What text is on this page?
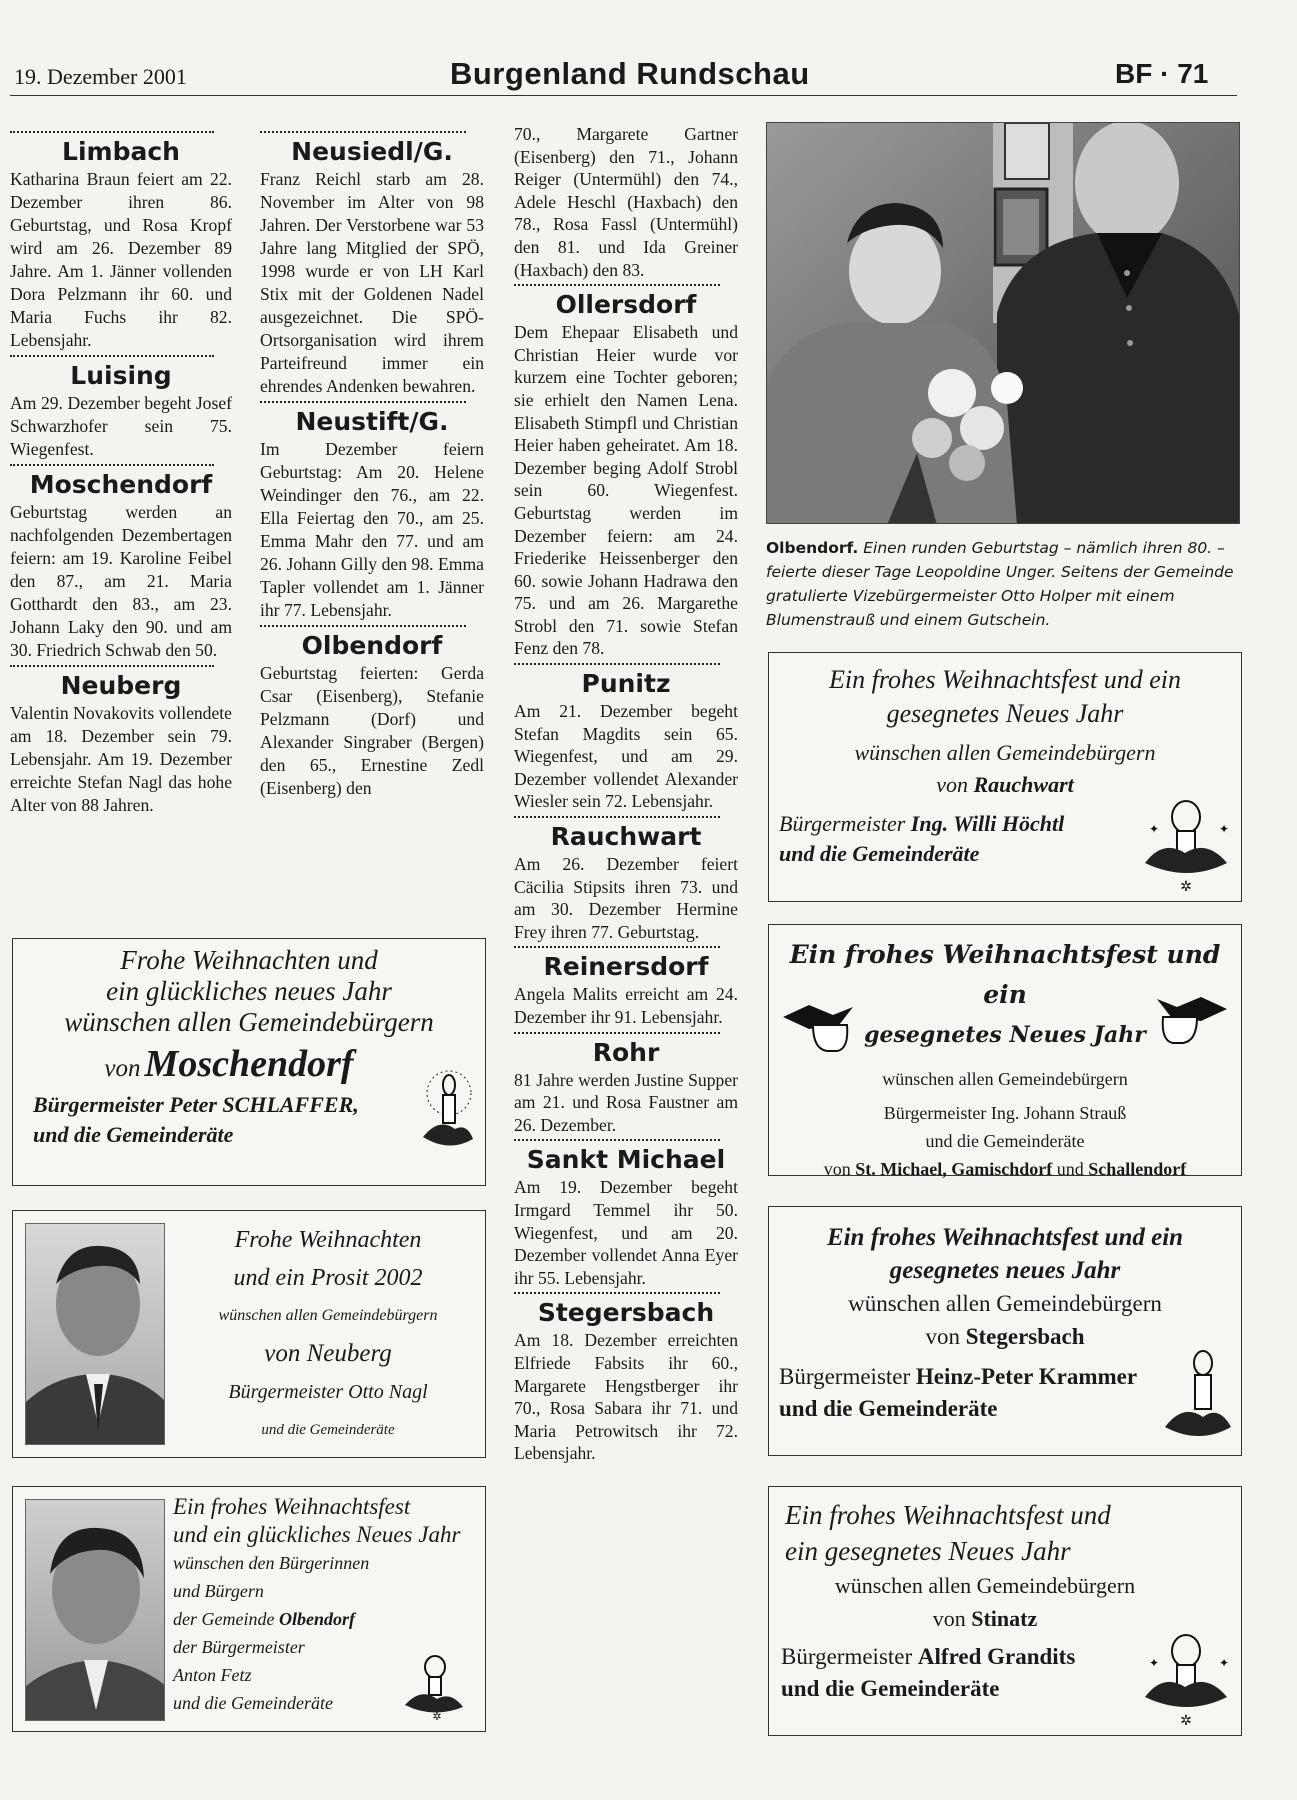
19. Dezember 2001	Burgenland Rundschau	BF · 71
Limbach
Katharina Braun feiert am 22. Dezember ihren 86. Geburtstag, und Rosa Kropf wird am 26. Dezember 89 Jahre. Am 1. Jänner vollenden Dora Pelzmann ihr 60. und Maria Fuchs ihr 82. Lebensjahr.
Luising
Am 29. Dezember begeht Josef Schwarzhofer sein 75. Wiegenfest.
Moschendorf
Geburtstag werden an nachfolgenden Dezembertagen feiern: am 19. Karoline Feibel den 87., am 21. Maria Gotthardt den 83., am 23. Johann Laky den 90. und am 30. Friedrich Schwab den 50.
Neuberg
Valentin Novakovits vollendete am 18. Dezember sein 79. Lebensjahr. Am 19. Dezember erreichte Stefan Nagl das hohe Alter von 88 Jahren.
Neusiedl/G.
Franz Reichl starb am 28. November im Alter von 98 Jahren. Der Verstorbene war 53 Jahre lang Mitglied der SPÖ, 1998 wurde er von LH Karl Stix mit der Goldenen Nadel ausgezeichnet. Die SPÖ-Ortsorganisation wird ihrem Parteifreund immer ein ehrendes Andenken bewahren.
Neustift/G.
Im Dezember feiern Geburtstag: Am 20. Helene Weindinger den 76., am 22. Ella Feiertag den 70., am 25. Emma Mahr den 77. und am 26. Johann Gilly den 98. Emma Tapler vollendet am 1. Jänner ihr 77. Lebensjahr.
Olbendorf
Geburtstag feierten: Gerda Csar (Eisenberg), Stefanie Pelzmann (Dorf) und Alexander Singraber (Bergen) den 65., Ernestine Zedl (Eisenberg) den
70., Margarete Gartner (Eisenberg) den 71., Johann Reiger (Untermühl) den 74., Adele Heschl (Haxbach) den 78., Rosa Fassl (Untermühl) den 81. und Ida Greiner (Haxbach) den 83.
Ollersdorf
Dem Ehepaar Elisabeth und Christian Heier wurde vor kurzem eine Tochter geboren; sie erhielt den Namen Lena. Elisabeth Stimpfl und Christian Heier haben geheiratet. Am 18. Dezember beging Adolf Strobl sein 60. Wiegenfest. Geburtstag werden im Dezember feiern: am 24. Friederike Heissenberger den 60. sowie Johann Hadrawa den 75. und am 26. Margarethe Strobl den 71. sowie Stefan Fenz den 78.
Punitz
Am 21. Dezember begeht Stefan Magdits sein 65. Wiegenfest, und am 29. Dezember vollendet Alexander Wiesler sein 72. Lebensjahr.
Rauchwart
Am 26. Dezember feiert Cäcilia Stipsits ihren 73. und am 30. Dezember Hermine Frey ihren 77. Geburtstag.
Reinersdorf
Angela Malits erreicht am 24. Dezember ihr 91. Lebensjahr.
Rohr
81 Jahre werden Justine Supper am 21. und Rosa Faustner am 26. Dezember.
Sankt Michael
Am 19. Dezember begeht Irmgard Temmel ihr 50. Wiegenfest, und am 20. Dezember vollendet Anna Eyer ihr 55. Lebensjahr.
Stegersbach
Am 18. Dezember erreichten Elfriede Fabsits ihr 60., Margarete Hengstberger ihr 70., Rosa Sabara ihr 71. und Maria Petrowitsch ihr 72. Lebensjahr.
Olbendorf. Einen runden Geburtstag – nämlich ihren 80. – feierte dieser Tage Leopoldine Unger. Seitens der Gemeinde gratulierte Vizebürgermeister Otto Holper mit einem Blumenstrauß und einem Gutschein.
Frohe Weihnachten und
ein glückliches neues Jahr
wünschen allen Gemeindebürgern
von Moschendorf
Bürgermeister Peter SCHLAFFER,
und die Gemeinderäte
Frohe Weihnachten
und ein Prosit 2002
wünschen allen Gemeindebürgern
von Neuberg
Bürgermeister Otto Nagl
und die Gemeinderäte
Ein frohes Weihnachtsfest
und ein glückliches Neues Jahr
wünschen den Bürgerinnen
und Bürgern
der Gemeinde Olbendorf
der Bürgermeister
Anton Fetz
und die Gemeinderäte
✲
Ein frohes Weihnachtsfest und ein
gesegnetes Neues Jahr
wünschen allen Gemeindebürgern
von Rauchwart
Bürgermeister Ing. Willi Höchtl
und die Gemeinderäte
✲
✦	✦
Ein frohes Weihnachtsfest und ein
gesegnetes Neues Jahr
wünschen allen Gemeindebürgern
Bürgermeister Ing. Johann Strauß
und die Gemeinderäte
von St. Michael, Gamischdorf und Schallendorf
Ein frohes Weihnachtsfest und ein
gesegnetes neues Jahr
wünschen allen Gemeindebürgern
von Stegersbach
Bürgermeister Heinz-Peter Krammer
und die Gemeinderäte
Ein frohes Weihnachtsfest und
ein gesegnetes Neues Jahr
wünschen allen Gemeindebürgern
von Stinatz
Bürgermeister Alfred Grandits
und die Gemeinderäte
✲
✦	✦
